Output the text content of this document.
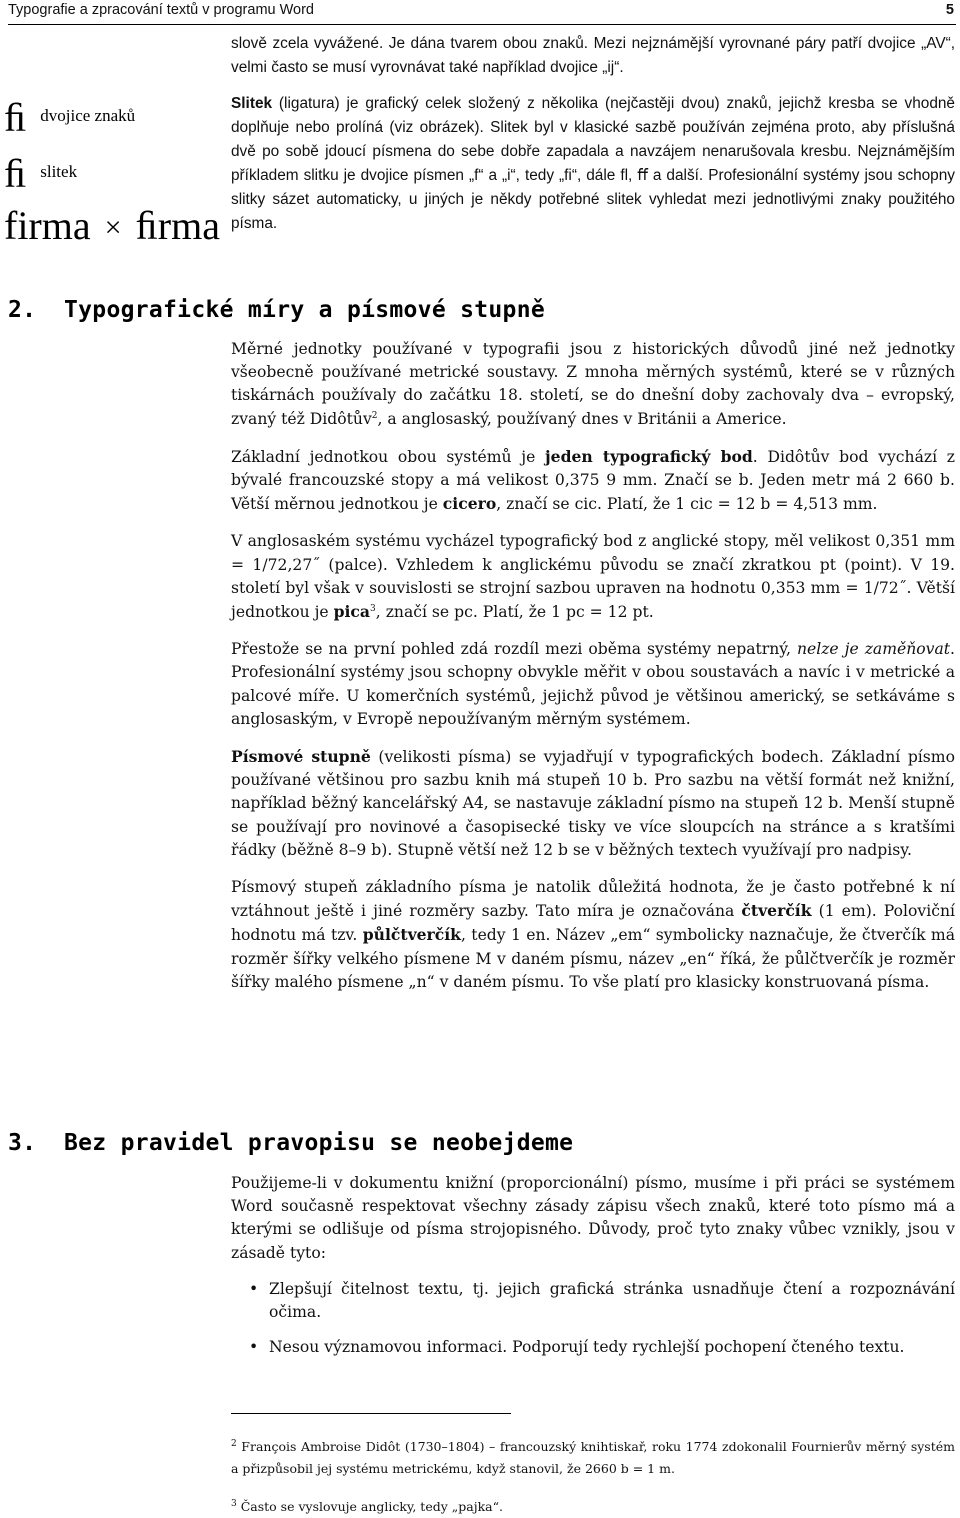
Typografie a zpracování textů v programu Word	5
ﬁdvojice znaků
ﬁslitek
firma × ﬁrma

slově zcela vyvážené. Je dána tvarem obou znaků. Mezi nejznámější vyrovnané páry patří dvojice „AV“, velmi často se musí vyrovnávat také například dvojice „ij“.

Slitek (ligatura) je grafický celek složený z několika (nejčastěji dvou) znaků, jejichž kresba se vhodně doplňuje nebo prolíná (viz obrázek). Slitek byl v klasické sazbě používán zejména proto, aby příslušná dvě po sobě jdoucí písmena do sebe dobře zapadala a navzájem nenarušovala kresbu. Nejznámějším příkladem slitku je dvojice písmen „f“ a „i“, tedy „ﬁ“, dále ﬂ, ﬀ a další. Profesionální systémy jsou schopny slitky sázet automaticky, u jiných je někdy potřebné slitek vyhledat mezi jednotlivými znaky použitého písma.

2. Typografické míry a písmové stupně

Měrné jednotky používané v typografii jsou z historických důvodů jiné než jednotky všeobecně používané metrické soustavy. Z mnoha měrných systémů, které se v různých tiskárnách používaly do začátku 18. století, se do dnešní doby zachovaly dva – evropský, zvaný též Didôtův$^2$, a anglosaský, používaný dnes v Británii a Americe.

Základní jednotkou obou systémů je jeden typografický bod. Didôtův bod vychází z bývalé francouzské stopy a má velikost 0,375 9 mm. Značí se b. Jeden metr má 2 660 b. Větší měrnou jednotkou je cicero, značí se cic. Platí, že 1 cic = 12 b = 4,513 mm.

V anglosaském systému vycházel typografický bod z anglické stopy, měl velikost 0,351 mm = 1/72,27˝ (palce). Vzhledem k anglickému původu se značí zkratkou pt (point). V 19. století byl však v souvislosti se strojní sazbou upraven na hodnotu 0,353 mm = 1/72˝. Větší jednotkou je pica$^3$, značí se pc. Platí, že 1 pc = 12 pt.

Přestože se na první pohled zdá rozdíl mezi oběma systémy nepatrný, nelze je zaměňovat. Profesionální systémy jsou schopny obvykle měřit v obou soustavách a navíc i v metrické a palcové míře. U komerčních systémů, jejichž původ je většinou americký, se setkáváme s anglosaským, v Evropě nepoužívaným měrným systémem.

Písmové stupně (velikosti písma) se vyjadřují v typografických bodech. Základní písmo používané většinou pro sazbu knih má stupeň 10 b. Pro sazbu na větší formát než knižní, například běžný kancelářský A4, se nastavuje základní písmo na stupeň 12 b. Menší stupně se používají pro novinové a časopisecké tisky ve více sloupcích na stránce a s kratšími řádky (běžně 8–9 b). Stupně větší než 12 b se v běžných textech využívají pro nadpisy.

Písmový stupeň základního písma je natolik důležitá hodnota, že je často potřebné k ní vztáhnout ještě i jiné rozměry sazby. Tato míra je označována čtverčík (1 em). Poloviční hodnotu má tzv. půlčtverčík, tedy 1 en. Název „em“ symbolicky naznačuje, že čtverčík má rozměr šířky velkého písmene M v daném písmu, název „en“ říká, že půlčtverčík je rozměr šířky malého písmene „n“ v daném písmu. To vše platí pro klasicky konstruovaná písma.

3. Bez pravidel pravopisu se neobejdeme

Použijeme-li v dokumentu knižní (proporcionální) písmo, musíme i při práci se systémem Word současně respektovat všechny zásady zápisu všech znaků, které toto písmo má a kterými se odlišuje od písma strojopisného. Důvody, proč tyto znaky vůbec vznikly, jsou v zásadě tyto:

• Zlepšují čitelnost textu, tj. jejich grafická stránka usnadňuje čtení a rozpoznávání očima.
• Nesou významovou informaci. Podporují tedy rychlejší pochopení čteného textu.
$^2$ François Ambroise Didôt (1730–1804) – francouzský knihtiskař, roku 1774 zdokonalil Fournierův měrný systém a přizpůsobil jej systému metrickému, když stanovil, že 2660 b = 1 m.
$^3$ Často se vyslovuje anglicky, tedy „pajka“.
